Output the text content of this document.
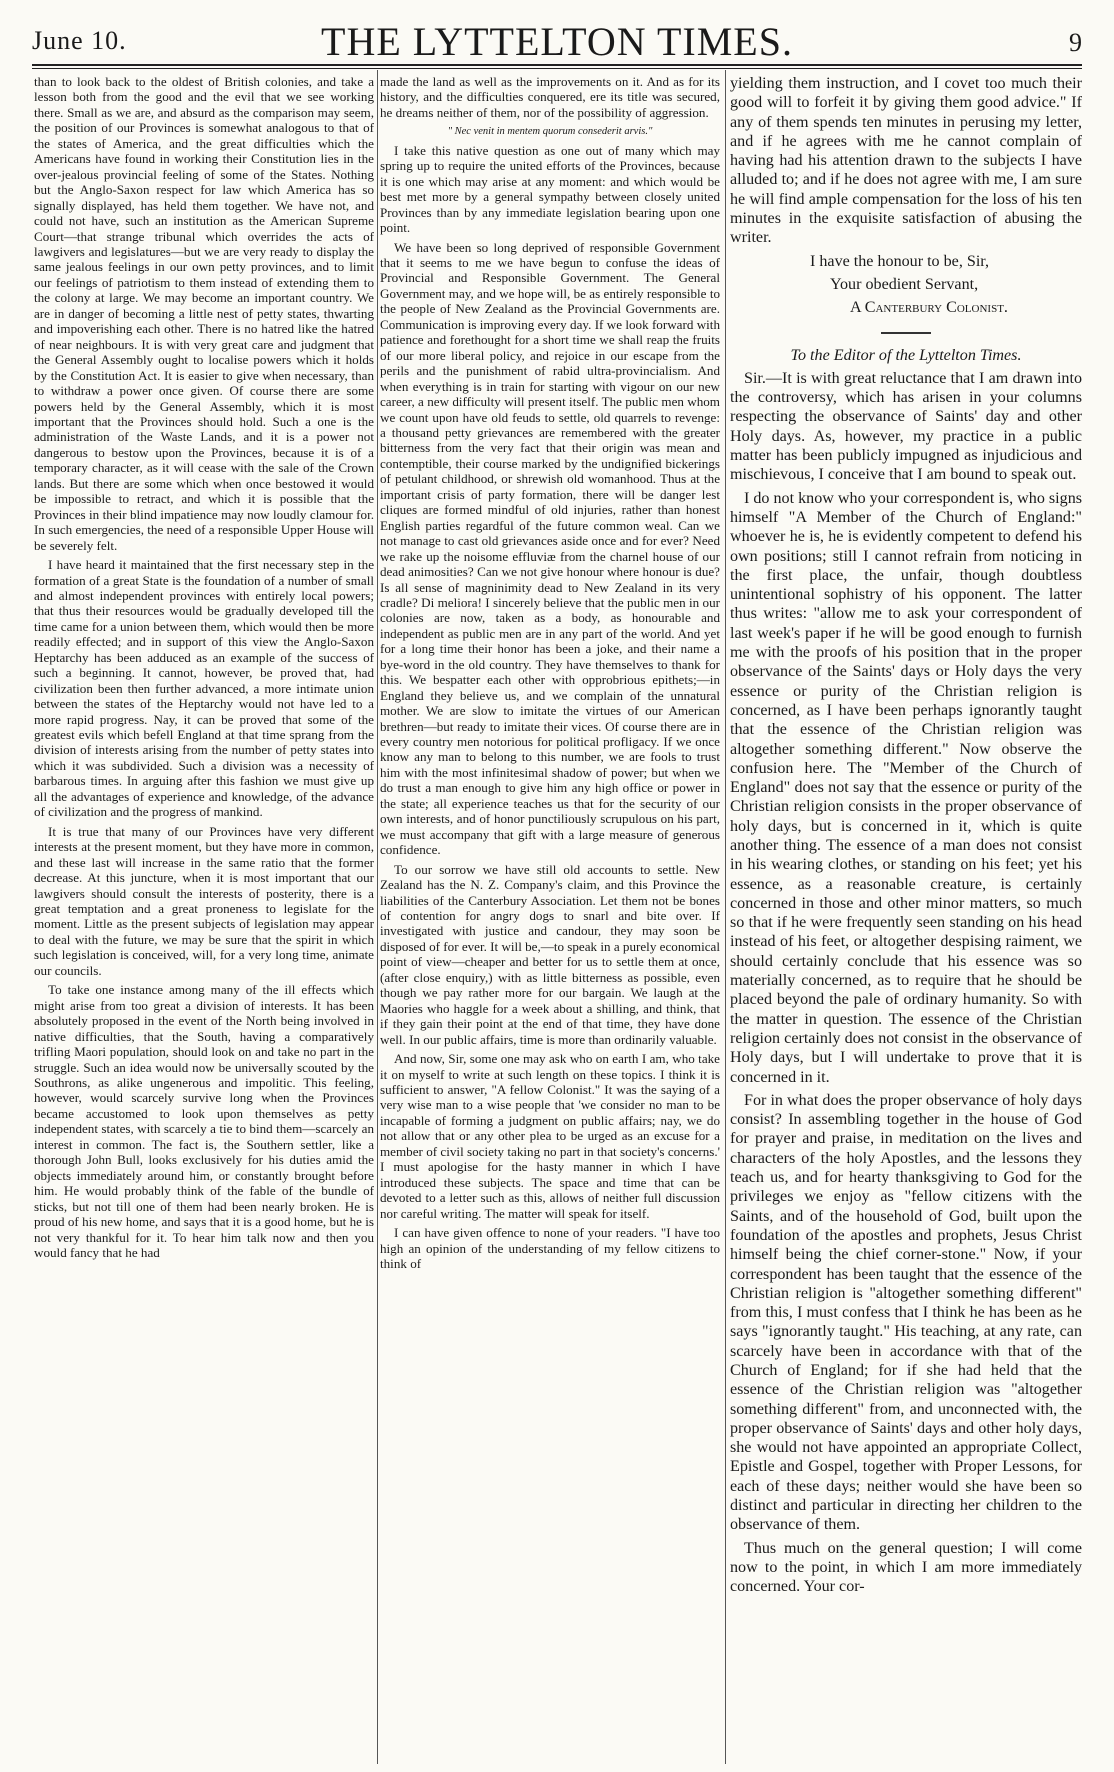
June 10.	THE LYTTELTON TIMES.	9

than to look back to the oldest of British colonies, and take a lesson both from the good and the evil that we see working there. Small as we are, and absurd as the comparison may seem, the position of our Provinces is somewhat analogous to that of the states of America, and the great difficulties which the Americans have found in working their Constitution lies in the over-jealous provincial feeling of some of the States. Nothing but the Anglo-Saxon respect for law which America has so signally displayed, has held them together. We have not, and could not have, such an institution as the American Supreme Court—that strange tribunal which overrides the acts of lawgivers and legislatures—but we are very ready to display the same jealous feelings in our own petty provinces, and to limit our feelings of patriotism to them instead of extending them to the colony at large. We may become an important country. We are in danger of becoming a little nest of petty states, thwarting and impoverishing each other. There is no hatred like the hatred of near neighbours. It is with very great care and judgment that the General Assembly ought to localise powers which it holds by the Constitution Act. It is easier to give when necessary, than to withdraw a power once given. Of course there are some powers held by the General Assembly, which it is most important that the Provinces should hold. Such a one is the administration of the Waste Lands, and it is a power not dangerous to bestow upon the Provinces, because it is of a temporary character, as it will cease with the sale of the Crown lands. But there are some which when once bestowed it would be impossible to retract, and which it is possible that the Provinces in their blind impatience may now loudly clamour for. In such emergencies, the need of a responsible Upper House will be severely felt.

I have heard it maintained that the first necessary step in the formation of a great State is the foundation of a number of small and almost independent provinces with entirely local powers; that thus their resources would be gradually developed till the time came for a union between them, which would then be more readily effected; and in support of this view the Anglo-Saxon Heptarchy has been adduced as an example of the success of such a beginning. It cannot, however, be proved that, had civilization been then further advanced, a more intimate union between the states of the Heptarchy would not have led to a more rapid progress. Nay, it can be proved that some of the greatest evils which befell England at that time sprang from the division of interests arising from the number of petty states into which it was subdivided. Such a division was a necessity of barbarous times. In arguing after this fashion we must give up all the advantages of experience and knowledge, of the advance of civilization and the progress of mankind.

It is true that many of our Provinces have very different interests at the present moment, but they have more in common, and these last will increase in the same ratio that the former decrease. At this juncture, when it is most important that our lawgivers should consult the interests of posterity, there is a great temptation and a great proneness to legislate for the moment. Little as the present subjects of legislation may appear to deal with the future, we may be sure that the spirit in which such legislation is conceived, will, for a very long time, animate our councils.

To take one instance among many of the ill effects which might arise from too great a division of interests. It has been absolutely proposed in the event of the North being involved in native difficulties, that the South, having a comparatively trifling Maori population, should look on and take no part in the struggle. Such an idea would now be universally scouted by the Southrons, as alike ungenerous and impolitic. This feeling, however, would scarcely survive long when the Provinces became accustomed to look upon themselves as petty independent states, with scarcely a tie to bind them—scarcely an interest in common. The fact is, the Southern settler, like a thorough John Bull, looks exclusively for his duties amid the objects immediately around him, or constantly brought before him. He would probably think of the fable of the bundle of sticks, but not till one of them had been nearly broken. He is proud of his new home, and says that it is a good home, but he is not very thankful for it. To hear him talk now and then you would fancy that he had

made the land as well as the improvements on it. And as for its history, and the difficulties conquered, ere its title was secured, he dreams neither of them, nor of the possibility of aggression.

" Nec venit in mentem quorum consederit arvis."

I take this native question as one out of many which may spring up to require the united efforts of the Provinces, because it is one which may arise at any moment: and which would be best met more by a general sympathy between closely united Provinces than by any immediate legislation bearing upon one point.

We have been so long deprived of responsible Government that it seems to me we have begun to confuse the ideas of Provincial and Responsible Government. The General Government may, and we hope will, be as entirely responsible to the people of New Zealand as the Provincial Governments are. Communication is improving every day. If we look forward with patience and forethought for a short time we shall reap the fruits of our more liberal policy, and rejoice in our escape from the perils and the punishment of rabid ultra-provincialism. And when everything is in train for starting with vigour on our new career, a new difficulty will present itself. The public men whom we count upon have old feuds to settle, old quarrels to revenge: a thousand petty grievances are remembered with the greater bitterness from the very fact that their origin was mean and contemptible, their course marked by the undignified bickerings of petulant childhood, or shrewish old womanhood. Thus at the important crisis of party formation, there will be danger lest cliques are formed mindful of old injuries, rather than honest English parties regardful of the future common weal. Can we not manage to cast old grievances aside once and for ever? Need we rake up the noisome effluviæ from the charnel house of our dead animosities? Can we not give honour where honour is due? Is all sense of magninimity dead to New Zealand in its very cradle? Di meliora! I sincerely believe that the public men in our colonies are now, taken as a body, as honourable and independent as public men are in any part of the world. And yet for a long time their honor has been a joke, and their name a bye-word in the old country. They have themselves to thank for this. We bespatter each other with opprobrious epithets;—in England they believe us, and we complain of the unnatural mother. We are slow to imitate the virtues of our American brethren—but ready to imitate their vices. Of course there are in every country men notorious for political profligacy. If we once know any man to belong to this number, we are fools to trust him with the most infinitesimal shadow of power; but when we do trust a man enough to give him any high office or power in the state; all experience teaches us that for the security of our own interests, and of honor punctiliously scrupulous on his part, we must accompany that gift with a large measure of generous confidence.

To our sorrow we have still old accounts to settle. New Zealand has the N. Z. Company's claim, and this Province the liabilities of the Canterbury Association. Let them not be bones of contention for angry dogs to snarl and bite over. If investigated with justice and candour, they may soon be disposed of for ever. It will be,—to speak in a purely economical point of view—cheaper and better for us to settle them at once, (after close enquiry,) with as little bitterness as possible, even though we pay rather more for our bargain. We laugh at the Maories who haggle for a week about a shilling, and think, that if they gain their point at the end of that time, they have done well. In our public affairs, time is more than ordinarily valuable.

And now, Sir, some one may ask who on earth I am, who take it on myself to write at such length on these topics. I think it is sufficient to answer, "A fellow Colonist." It was the saying of a very wise man to a wise people that 'we consider no man to be incapable of forming a judgment on public affairs; nay, we do not allow that or any other plea to be urged as an excuse for a member of civil society taking no part in that society's concerns.' I must apologise for the hasty manner in which I have introduced these subjects. The space and time that can be devoted to a letter such as this, allows of neither full discussion nor careful writing. The matter will speak for itself.

I can have given offence to none of your readers. "I have too high an opinion of the understanding of my fellow citizens to think of

yielding them instruction, and I covet too much their good will to forfeit it by giving them good advice." If any of them spends ten minutes in perusing my letter, and if he agrees with me he cannot complain of having had his attention drawn to the subjects I have alluded to; and if he does not agree with me, I am sure he will find ample compensation for the loss of his ten minutes in the exquisite satisfaction of abusing the writer.

I have the honour to be, Sir,

Your obedient Servant,

A Canterbury Colonist.

To the Editor of the Lyttelton Times.

Sir.—It is with great reluctance that I am drawn into the controversy, which has arisen in your columns respecting the observance of Saints' day and other Holy days. As, however, my practice in a public matter has been publicly impugned as injudicious and mischievous, I conceive that I am bound to speak out.

I do not know who your correspondent is, who signs himself "A Member of the Church of England:" whoever he is, he is evidently competent to defend his own positions; still I cannot refrain from noticing in the first place, the unfair, though doubtless unintentional sophistry of his opponent. The latter thus writes: "allow me to ask your correspondent of last week's paper if he will be good enough to furnish me with the proofs of his position that in the proper observance of the Saints' days or Holy days the very essence or purity of the Christian religion is concerned, as I have been perhaps ignorantly taught that the essence of the Christian religion was altogether something different." Now observe the confusion here. The "Member of the Church of England" does not say that the essence or purity of the Christian religion consists in the proper observance of holy days, but is concerned in it, which is quite another thing. The essence of a man does not consist in his wearing clothes, or standing on his feet; yet his essence, as a reasonable creature, is certainly concerned in those and other minor matters, so much so that if he were frequently seen standing on his head instead of his feet, or altogether despising raiment, we should certainly conclude that his essence was so materially concerned, as to require that he should be placed beyond the pale of ordinary humanity. So with the matter in question. The essence of the Christian religion certainly does not consist in the observance of Holy days, but I will undertake to prove that it is concerned in it.

For in what does the proper observance of holy days consist? In assembling together in the house of God for prayer and praise, in meditation on the lives and characters of the holy Apostles, and the lessons they teach us, and for hearty thanksgiving to God for the privileges we enjoy as "fellow citizens with the Saints, and of the household of God, built upon the foundation of the apostles and prophets, Jesus Christ himself being the chief corner-stone." Now, if your correspondent has been taught that the essence of the Christian religion is "altogether something different" from this, I must confess that I think he has been as he says "ignorantly taught." His teaching, at any rate, can scarcely have been in accordance with that of the Church of England; for if she had held that the essence of the Christian religion was "altogether something different" from, and unconnected with, the proper observance of Saints' days and other holy days, she would not have appointed an appropriate Collect, Epistle and Gospel, together with Proper Lessons, for each of these days; neither would she have been so distinct and particular in directing her children to the observance of them.

Thus much on the general question; I will come now to the point, in which I am more immediately concerned. Your cor-
